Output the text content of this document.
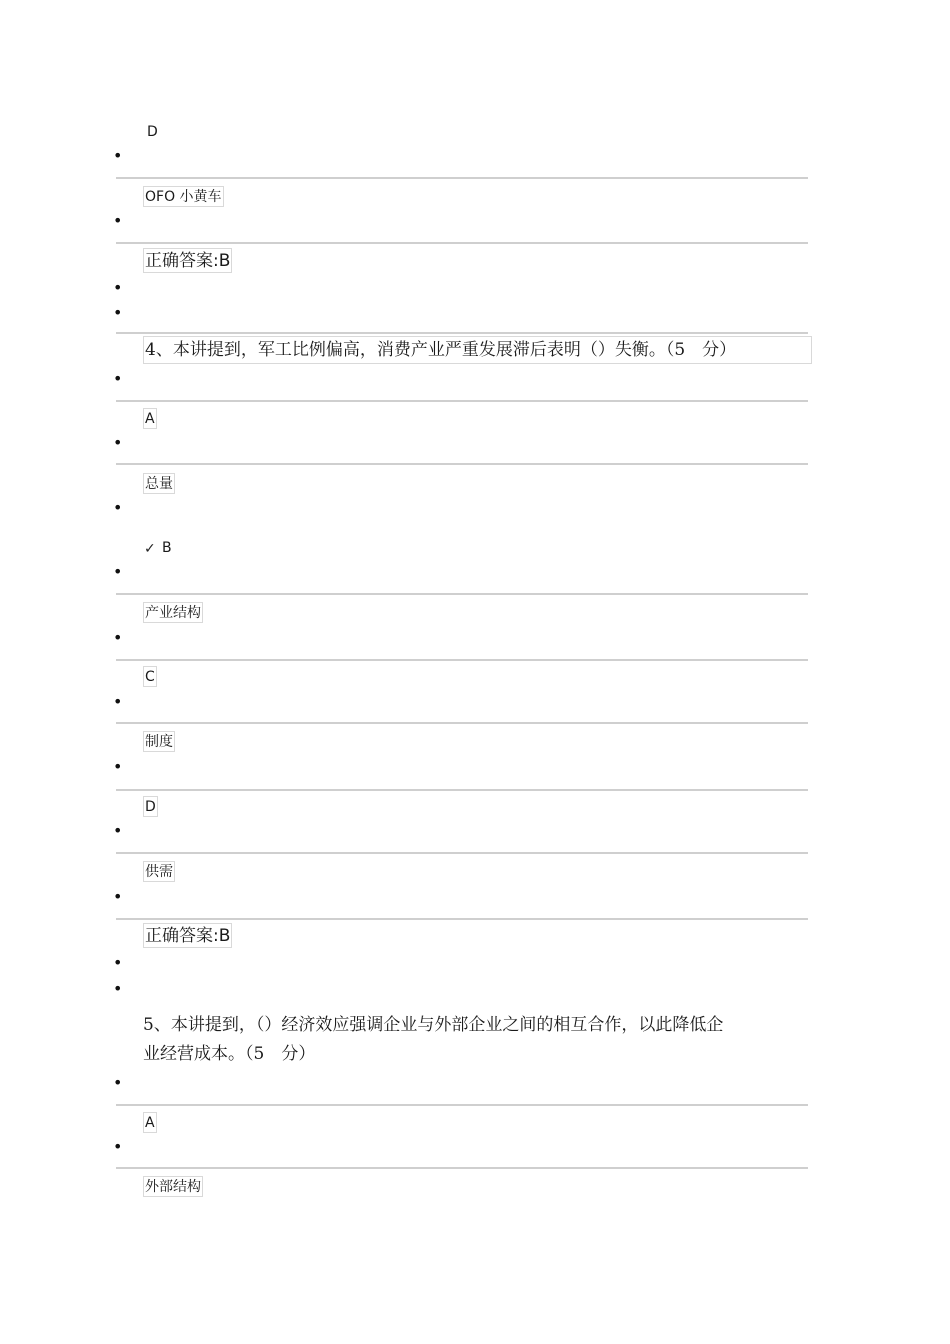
D
•
OFO 小黄车
•
正确答案:B
•
•
4、本讲提到，军工比例偏高，消费产业严重发展滞后表明（）失衡。（5　分）
•
A
•
总量
•
✓ B
•
产业结构
•
C
•
制度
•
D
•
供需
•
正确答案:B
•
•
5、本讲提到，（）经济效应强调企业与外部企业之间的相互合作，以此降低企
业经营成本。（5　分）
•
A
•
外部结构
